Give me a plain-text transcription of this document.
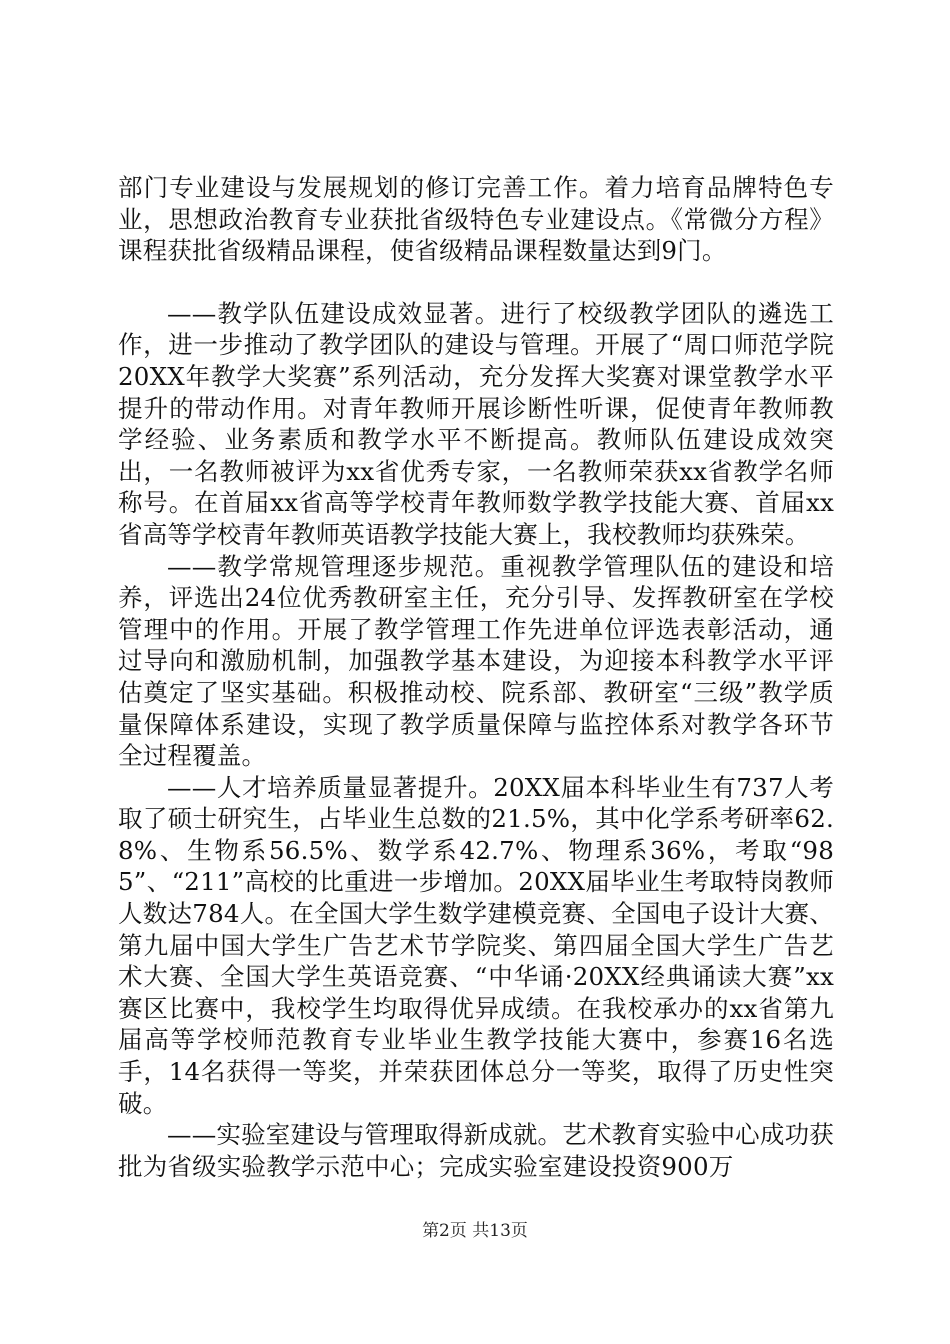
部门专业建设与发展规划的修订完善工作。着力培育品牌特色专业，思想政治教育专业获批省级特色专业建设点。《常微分方程》课程获批省级精品课程，使省级精品课程数量达到9门。

——教学队伍建设成效显著。进行了校级教学团队的遴选工作，进一步推动了教学团队的建设与管理。开展了“周口师范学院20XX年教学大奖赛”系列活动，充分发挥大奖赛对课堂教学水平提升的带动作用。对青年教师开展诊断性听课，促使青年教师教学经验、业务素质和教学水平不断提高。教师队伍建设成效突出，一名教师被评为xx省优秀专家，一名教师荣获xx省教学名师称号。在首届xx省高等学校青年教师数学教学技能大赛、首届xx省高等学校青年教师英语教学技能大赛上，我校教师均获殊荣。

——教学常规管理逐步规范。重视教学管理队伍的建设和培养，评选出24位优秀教研室主任，充分引导、发挥教研室在学校管理中的作用。开展了教学管理工作先进单位评选表彰活动，通过导向和激励机制，加强教学基本建设，为迎接本科教学水平评估奠定了坚实基础。积极推动校、院系部、教研室“三级”教学质量保障体系建设，实现了教学质量保障与监控体系对教学各环节全过程覆盖。

——人才培养质量显著提升。20XX届本科毕业生有737人考取了硕士研究生，占毕业生总数的21.5%，其中化学系考研率62.8%、生物系56.5%、数学系42.7%、物理系36%，考取“985”、“211”高校的比重进一步增加。20XX届毕业生考取特岗教师人数达784人。在全国大学生数学建模竞赛、全国电子设计大赛、第九届中国大学生广告艺术节学院奖、第四届全国大学生广告艺术大赛、全国大学生英语竞赛、“中华诵·20XX经典诵读大赛”xx赛区比赛中，我校学生均取得优异成绩。在我校承办的xx省第九届高等学校师范教育专业毕业生教学技能大赛中，参赛16名选手，14名获得一等奖，并荣获团体总分一等奖，取得了历史性突破。

——实验室建设与管理取得新成就。艺术教育实验中心成功获批为省级实验教学示范中心；完成实验室建设投资900万

第2页 共13页
